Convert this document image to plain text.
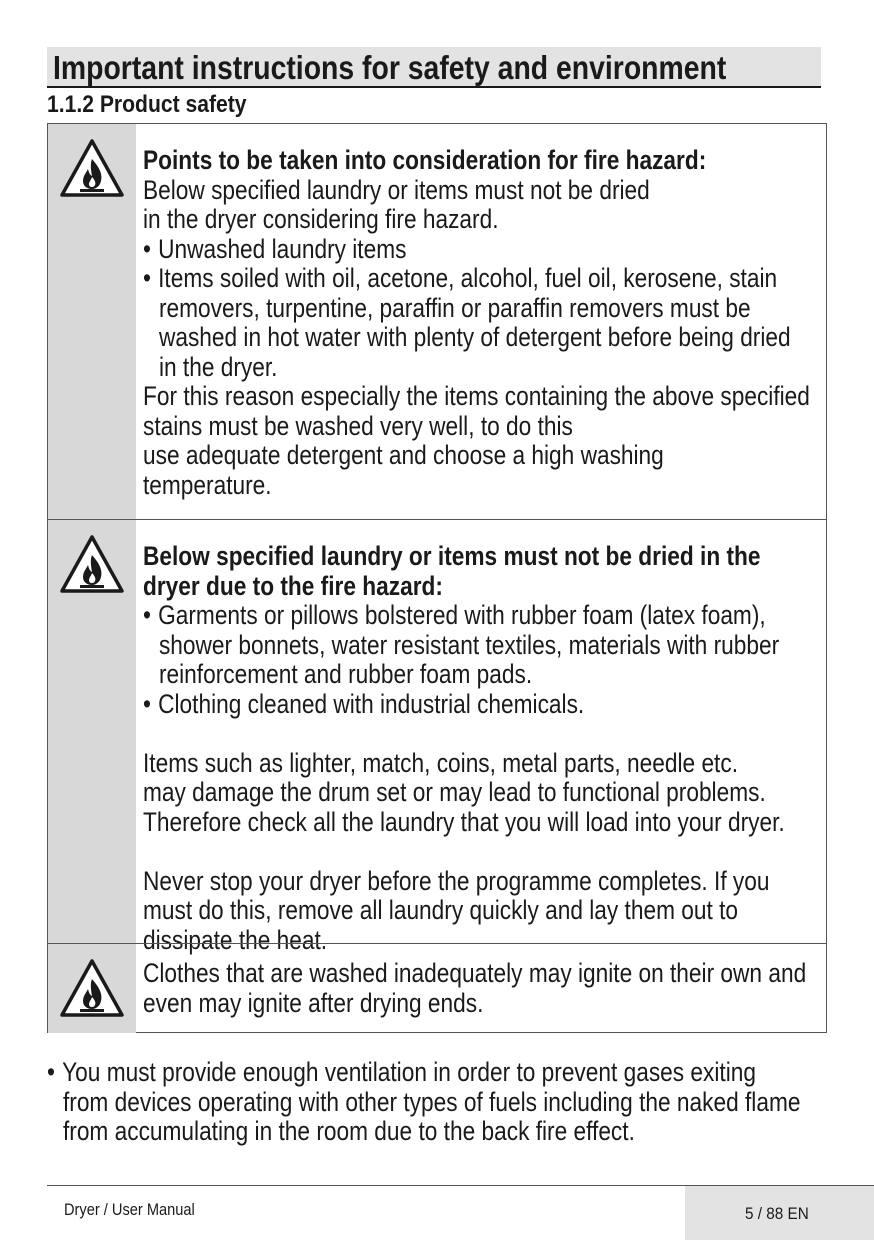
Important instructions for safety and environment
1.1.2 Product safety
Points to be taken into consideration for fire hazard:
Below specified laundry or items must not be dried
in the dryer considering fire hazard.
• Unwashed laundry items
• Items soiled with oil, acetone, alcohol, fuel oil, kerosene, stain
removers, turpentine, paraffin or paraffin removers must be
washed in hot water with plenty of detergent before being dried
in the dryer.
For this reason especially the items containing the above specified
stains must be washed very well, to do this
use adequate detergent and choose a high washing
temperature.
Below specified laundry or items must not be dried in the
dryer due to the fire hazard:
• Garments or pillows bolstered with rubber foam (latex foam),
shower bonnets, water resistant textiles, materials with rubber
reinforcement and rubber foam pads.
• Clothing cleaned with industrial chemicals.
Items such as lighter, match, coins, metal parts, needle etc.
may damage the drum set or may lead to functional problems.
Therefore check all the laundry that you will load into your dryer.
Never stop your dryer before the programme completes. If you
must do this, remove all laundry quickly and lay them out to
dissipate the heat.
Clothes that are washed inadequately may ignite on their own and
even may ignite after drying ends.
• You must provide enough ventilation in order to prevent gases exiting
from devices operating with other types of fuels including the naked flame
from accumulating in the room due to the back fire effect.
Dryer / User Manual	5 / 88 EN
